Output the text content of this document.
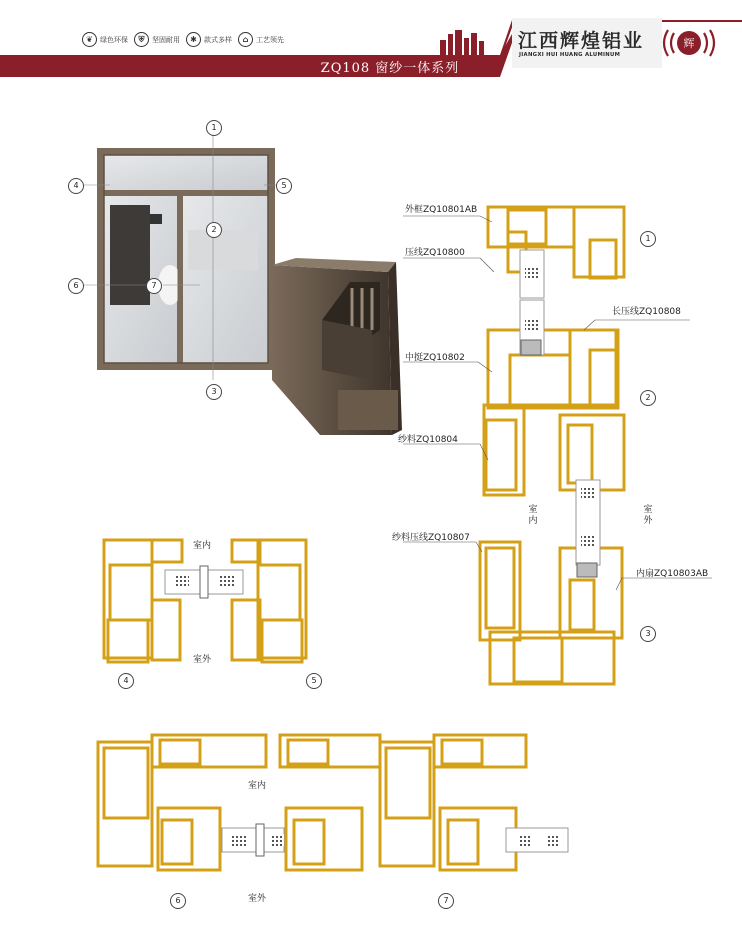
❦	绿色环保	⛨	坚固耐用	✱	款式多样	⌂	工艺领先
ZQ108 窗纱一体系列
江西辉煌铝业
JIANGXI HUI HUANG ALUMINUM
辉
外框ZQ10801AB
压线ZQ10800
长压线ZQ10808
中挺ZQ10802
纱料ZQ10804
纱料压线ZQ10807
内扇ZQ10803AB
室
内
室
外
室内
室外
室内
室外
1
2
3
4	5
6	7
1
2
3
4	5
6	7
